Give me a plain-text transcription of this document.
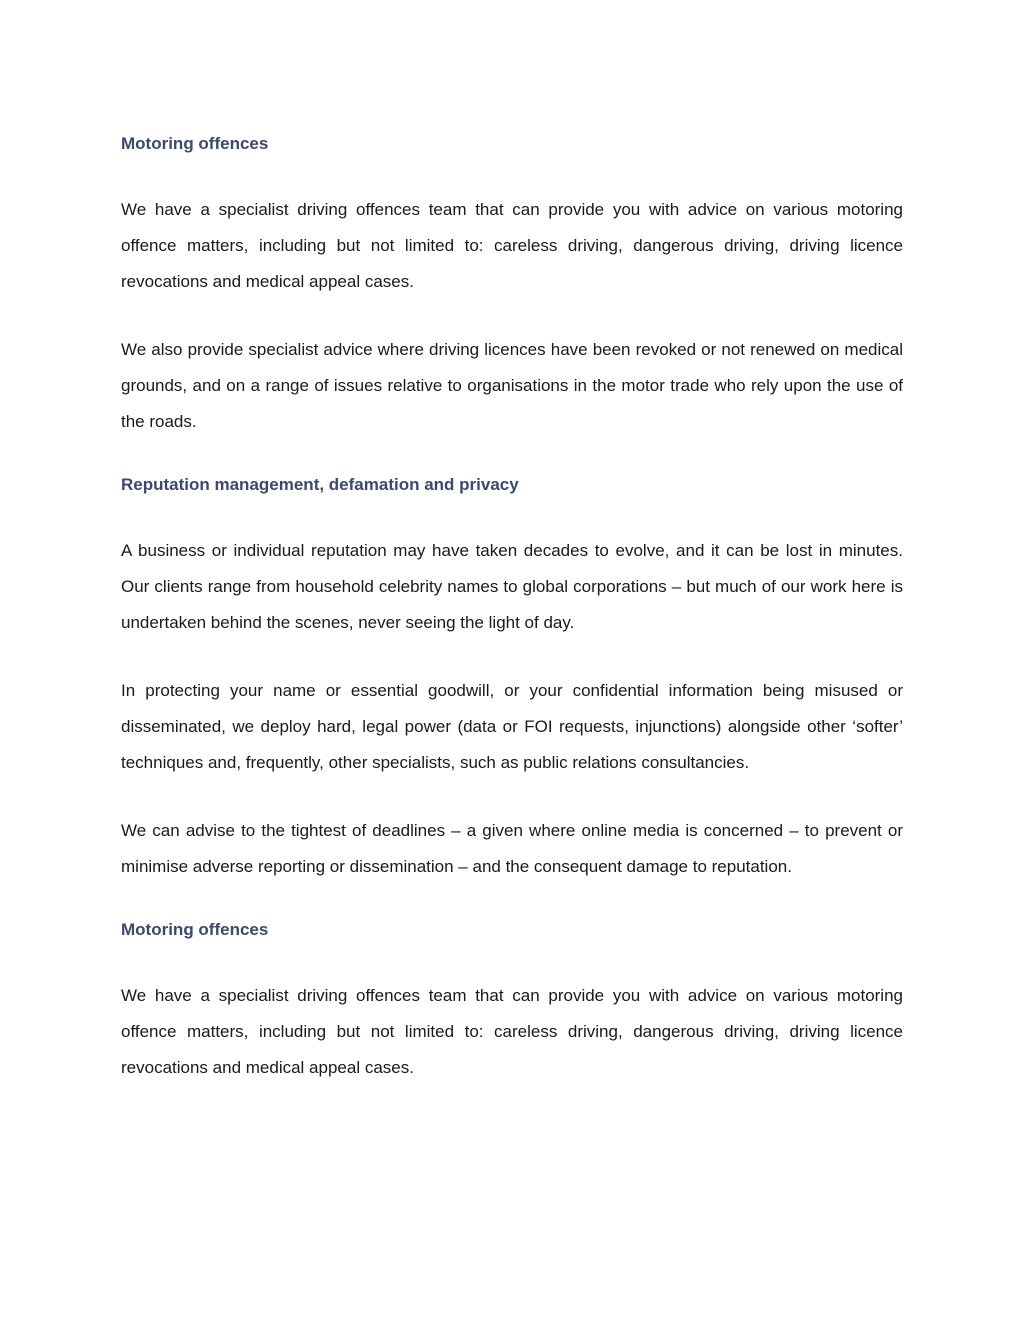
Motoring offences

We have a specialist driving offences team that can provide you with advice on various motoring offence matters, including but not limited to: careless driving, dangerous driving, driving licence revocations and medical appeal cases.

We also provide specialist advice where driving licences have been revoked or not renewed on medical grounds, and on a range of issues relative to organisations in the motor trade who rely upon the use of the roads.

Reputation management, defamation and privacy

A business or individual reputation may have taken decades to evolve, and it can be lost in minutes. Our clients range from household celebrity names to global corporations – but much of our work here is undertaken behind the scenes, never seeing the light of day.

In protecting your name or essential goodwill, or your confidential information being misused or disseminated, we deploy hard, legal power (data or FOI requests, injunctions) alongside other ‘softer’ techniques and, frequently, other specialists, such as public relations consultancies.

We can advise to the tightest of deadlines – a given where online media is concerned – to prevent or minimise adverse reporting or dissemination – and the consequent damage to reputation.

Motoring offences

We have a specialist driving offences team that can provide you with advice on various motoring offence matters, including but not limited to: careless driving, dangerous driving, driving licence revocations and medical appeal cases.
